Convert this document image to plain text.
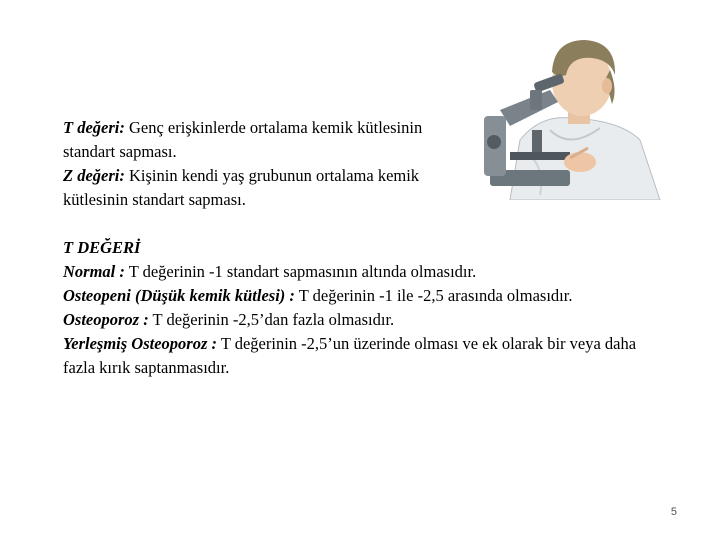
T değeri: Genç erişkinlerde ortalama kemik kütlesinin standart sapması.

Z değeri: Kişinin kendi yaş grubunun ortalama kemik kütlesinin standart sapması.

T DEĞERİ

Normal : T değerinin -1 standart sapmasının altında olmasıdır.

Osteopeni (Düşük kemik kütlesi) : T değerinin -1 ile -2,5 arasında olmasıdır.

Osteoporoz : T değerinin -2,5’dan fazla olmasıdır.

Yerleşmiş Osteoporoz : T değerinin -2,5’un üzerinde olması ve ek olarak bir veya daha fazla kırık saptanmasıdır.

5
